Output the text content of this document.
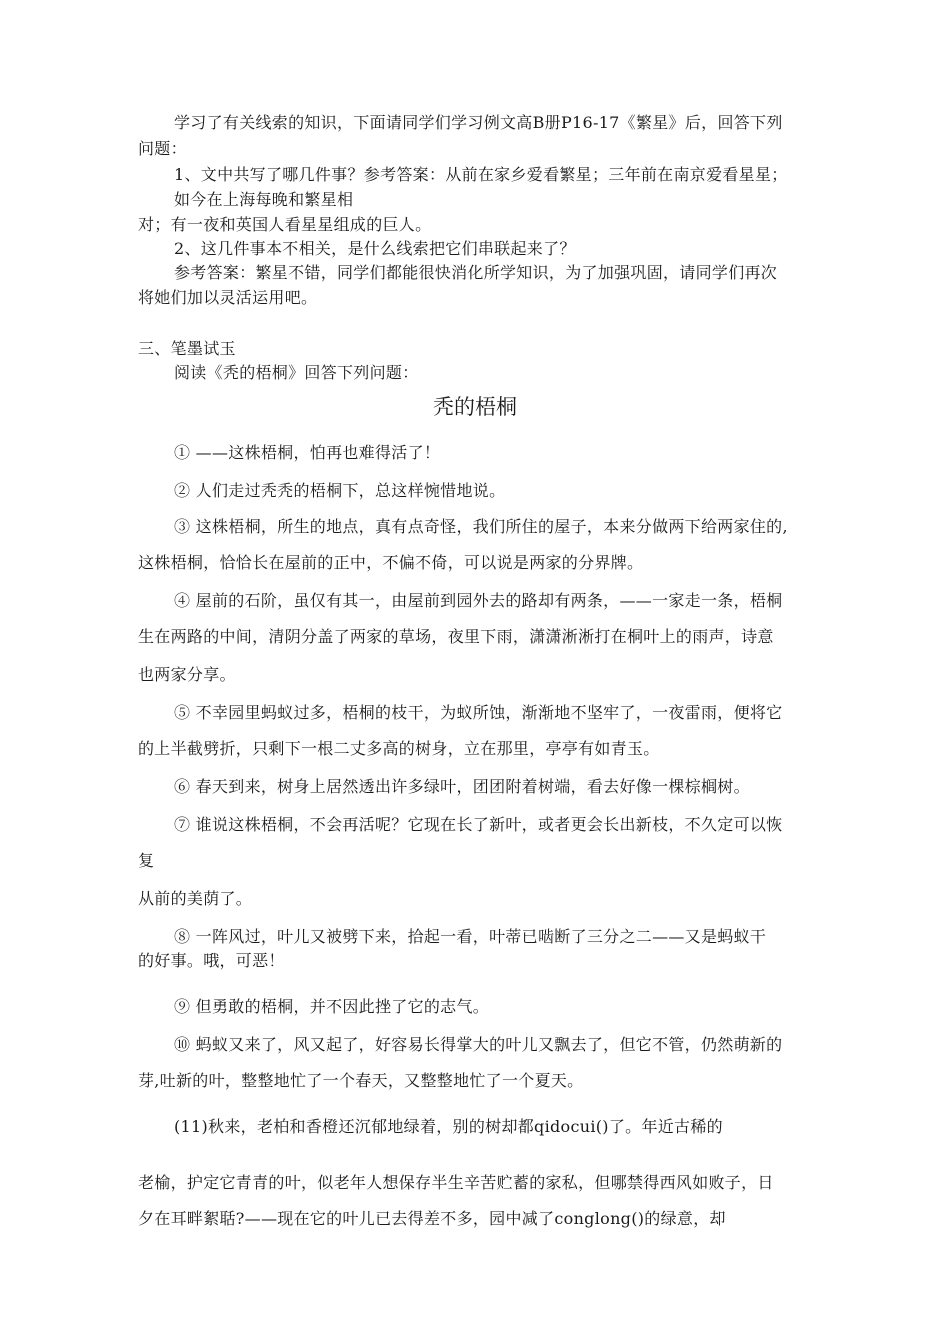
学习了有关线索的知识，下面请同学们学习例文高B册P16-17《繁星》后，回答下列
问题：
1、文中共写了哪几件事？参考答案：从前在家乡爱看繁星；三年前在南京爱看星星；
如今在上海每晚和繁星相
对；有一夜和英国人看星星组成的巨人。
2、这几件事本不相关，是什么线索把它们串联起来了？
参考答案：繁星不错，同学们都能很快消化所学知识，为了加强巩固，请同学们再次
将她们加以灵活运用吧。
三、笔墨试玉
阅读《秃的梧桐》回答下列问题：
秃的梧桐
① ——这株梧桐，怕再也难得活了！
② 人们走过秃秃的梧桐下，总这样惋惜地说。
③ 这株梧桐，所生的地点，真有点奇怪，我们所住的屋子，本来分做两下给两家住的,
这株梧桐，恰恰长在屋前的正中，不偏不倚，可以说是两家的分界牌。
④ 屋前的石阶，虽仅有其一，由屋前到园外去的路却有两条，——一家走一条，梧桐
生在两路的中间，清阴分盖了两家的草场，夜里下雨，潇潇淅淅打在桐叶上的雨声，诗意
也两家分享。
⑤ 不幸园里蚂蚁过多，梧桐的枝干，为蚁所蚀，渐渐地不坚牢了，一夜雷雨，便将它
的上半截劈折，只剩下一根二丈多高的树身，立在那里，亭亭有如青玉。
⑥ 春天到来，树身上居然透出许多绿叶，团团附着树端，看去好像一棵棕榈树。
⑦ 谁说这株梧桐，不会再活呢？它现在长了新叶，或者更会长出新枝，不久定可以恢
复
从前的美荫了。
⑧ 一阵风过，叶儿又被劈下来，拾起一看，叶蒂已啮断了三分之二——又是蚂蚁干
的好事。哦，可恶！
⑨ 但勇敢的梧桐，并不因此挫了它的志气。
⑩ 蚂蚁又来了，风又起了，好容易长得掌大的叶儿又飘去了，但它不管，仍然萌新的
芽,吐新的叶，整整地忙了一个春天，又整整地忙了一个夏天。
(11)秋来，老柏和香橙还沉郁地绿着，别的树却都qidocui()了。年近古稀的
老榆，护定它青青的叶，似老年人想保存半生辛苦贮蓄的家私，但哪禁得西风如败子，日
夕在耳畔絮聒?——现在它的叶儿已去得差不多，园中减了conglong()的绿意，却
